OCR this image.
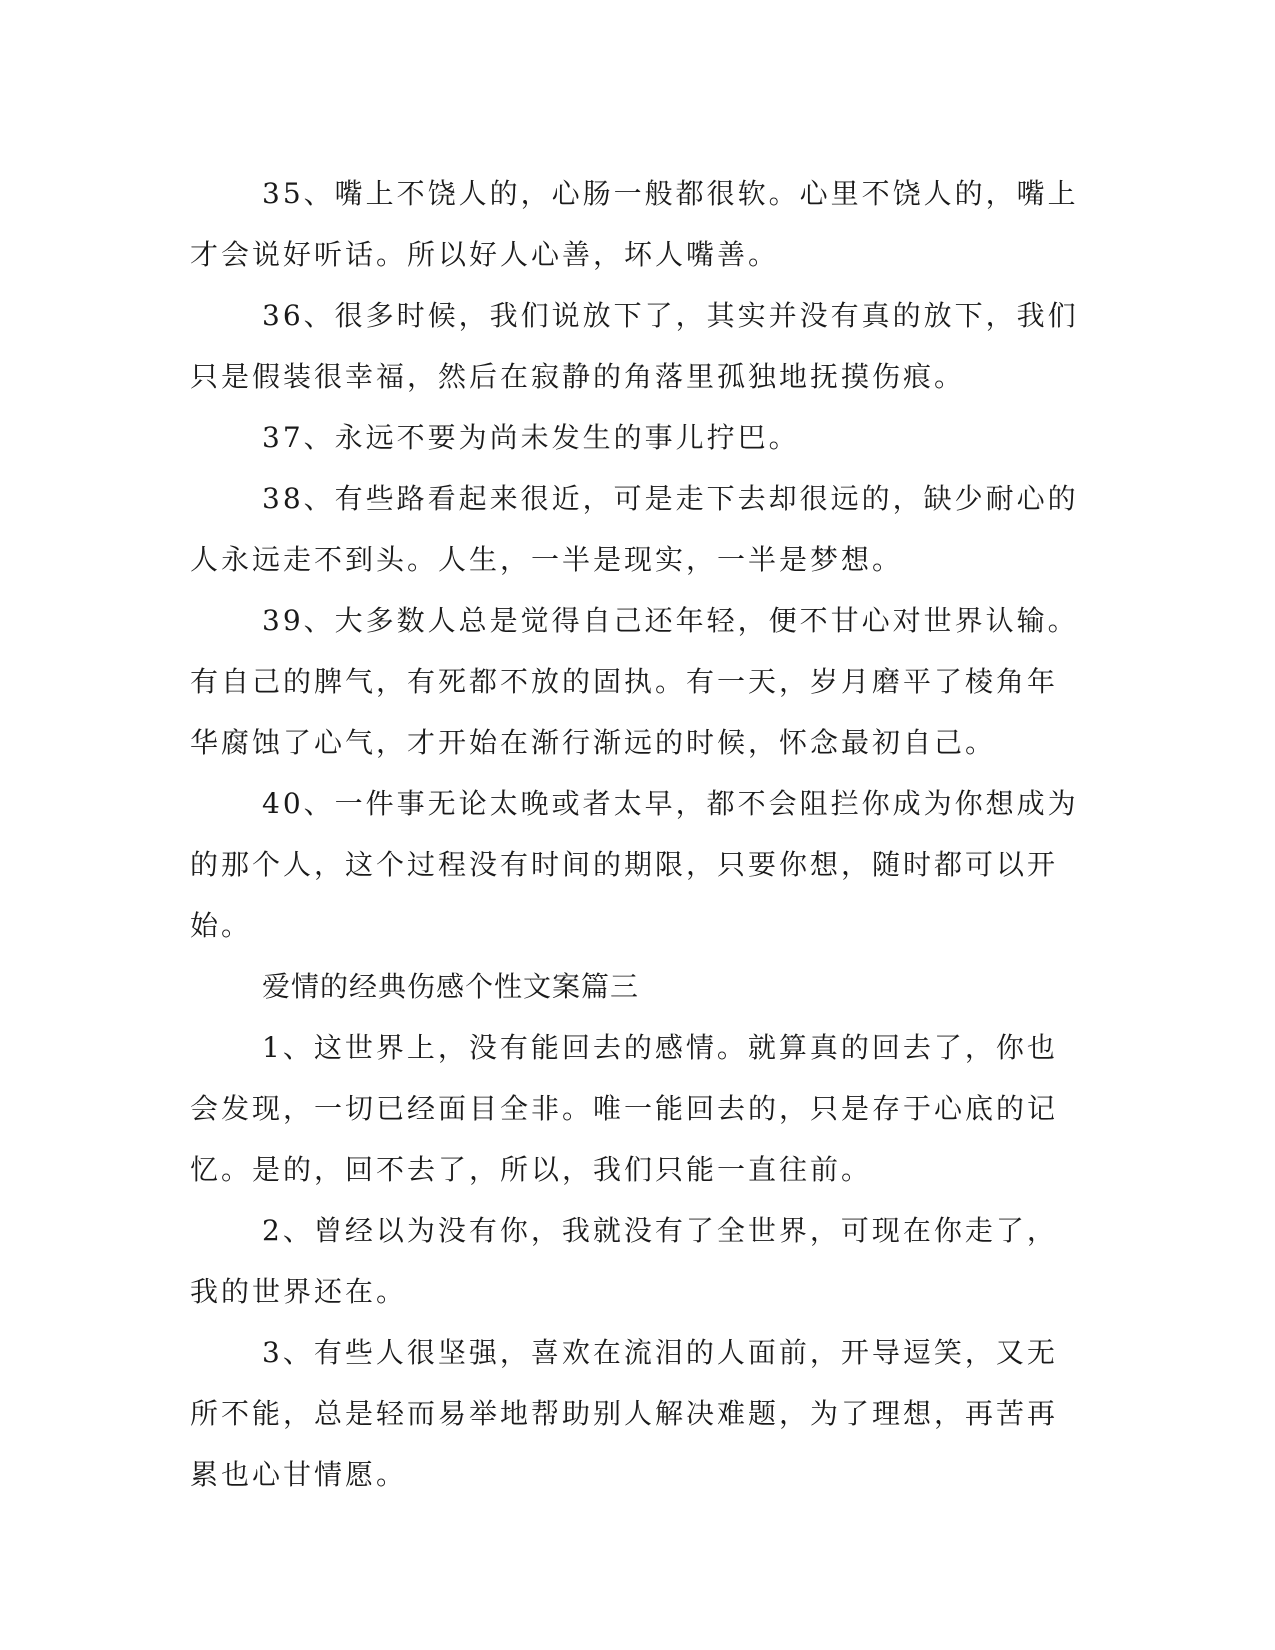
35、嘴上不饶人的，心肠一般都很软。心里不饶人的，嘴上才会说好听话。所以好人心善，坏人嘴善。

36、很多时候，我们说放下了，其实并没有真的放下，我们只是假装很幸福，然后在寂静的角落里孤独地抚摸伤痕。

37、永远不要为尚未发生的事儿拧巴。

38、有些路看起来很近，可是走下去却很远的，缺少耐心的人永远走不到头。人生，一半是现实，一半是梦想。

39、大多数人总是觉得自己还年轻，便不甘心对世界认输。有自己的脾气，有死都不放的固执。有一天，岁月磨平了棱角年华腐蚀了心气，才开始在渐行渐远的时候，怀念最初自己。

40、一件事无论太晚或者太早，都不会阻拦你成为你想成为的那个人，这个过程没有时间的期限，只要你想，随时都可以开始。

爱情的经典伤感个性文案篇三

1、这世界上，没有能回去的感情。就算真的回去了，你也会发现，一切已经面目全非。唯一能回去的，只是存于心底的记忆。是的，回不去了，所以，我们只能一直往前。

2、曾经以为没有你，我就没有了全世界，可现在你走了，我的世界还在。

3、有些人很坚强，喜欢在流泪的人面前，开导逗笑，又无所不能，总是轻而易举地帮助别人解决难题，为了理想，再苦再累也心甘情愿。
